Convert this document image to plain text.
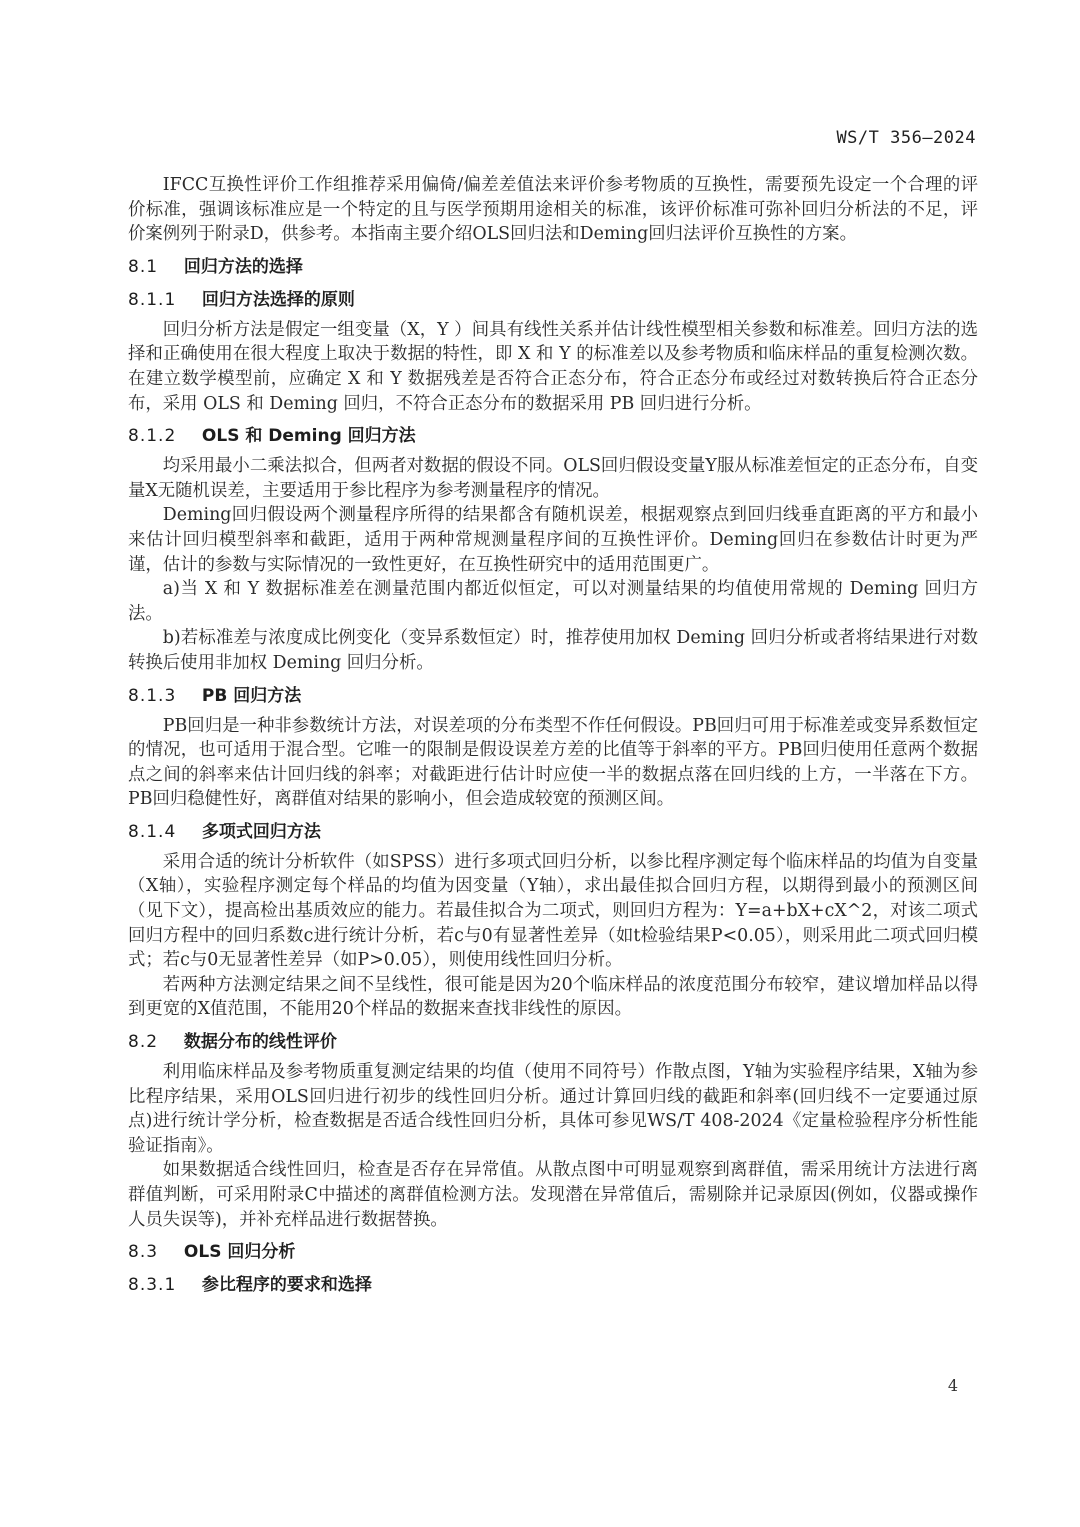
WS/T 356—2024

IFCC互换性评价工作组推荐采用偏倚/偏差差值法来评价参考物质的互换性，需要预先设定一个合理的评价标准，强调该标准应是一个特定的且与医学预期用途相关的标准，该评价标准可弥补回归分析法的不足，评价案例列于附录D，供参考。本指南主要介绍OLS回归法和Deming回归法评价互换性的方案。

8.1 回归方法的选择
8.1.1 回归方法选择的原则

回归分析方法是假定一组变量（X，Y ）间具有线性关系并估计线性模型相关参数和标准差。回归方法的选择和正确使用在很大程度上取决于数据的特性，即 X 和 Y 的标准差以及参考物质和临床样品的重复检测次数。在建立数学模型前，应确定 X 和 Y 数据残差是否符合正态分布，符合正态分布或经过对数转换后符合正态分布，采用 OLS 和 Deming 回归，不符合正态分布的数据采用 PB 回归进行分析。

8.1.2 OLS 和 Deming 回归方法

均采用最小二乘法拟合，但两者对数据的假设不同。OLS回归假设变量Y服从标准差恒定的正态分布，自变量X无随机误差，主要适用于参比程序为参考测量程序的情况。

Deming回归假设两个测量程序所得的结果都含有随机误差，根据观察点到回归线垂直距离的平方和最小来估计回归模型斜率和截距，适用于两种常规测量程序间的互换性评价。Deming回归在参数估计时更为严谨，估计的参数与实际情况的一致性更好，在互换性研究中的适用范围更广。

a)当 X 和 Y 数据标准差在测量范围内都近似恒定，可以对测量结果的均值使用常规的 Deming 回归方法。

b)若标准差与浓度成比例变化（变异系数恒定）时，推荐使用加权 Deming 回归分析或者将结果进行对数转换后使用非加权 Deming 回归分析。

8.1.3 PB 回归方法

PB回归是一种非参数统计方法，对误差项的分布类型不作任何假设。PB回归可用于标准差或变异系数恒定的情况，也可适用于混合型。它唯一的限制是假设误差方差的比值等于斜率的平方。PB回归使用任意两个数据点之间的斜率来估计回归线的斜率；对截距进行估计时应使一半的数据点落在回归线的上方，一半落在下方。PB回归稳健性好，离群值对结果的影响小，但会造成较宽的预测区间。

8.1.4 多项式回归方法

采用合适的统计分析软件（如SPSS）进行多项式回归分析，以参比程序测定每个临床样品的均值为自变量（X轴），实验程序测定每个样品的均值为因变量（Y轴），求出最佳拟合回归方程，以期得到最小的预测区间（见下文），提高检出基质效应的能力。若最佳拟合为二项式，则回归方程为：Y=a+bX+cX^2，对该二项式回归方程中的回归系数c进行统计分析，若c与0有显著性差异（如t检验结果P<0.05），则采用此二项式回归模式；若c与0无显著性差异（如P>0.05），则使用线性回归分析。

若两种方法测定结果之间不呈线性，很可能是因为20个临床样品的浓度范围分布较窄，建议增加样品以得到更宽的X值范围，不能用20个样品的数据来查找非线性的原因。

8.2 数据分布的线性评价

利用临床样品及参考物质重复测定结果的均值（使用不同符号）作散点图，Y轴为实验程序结果，X轴为参比程序结果，采用OLS回归进行初步的线性回归分析。通过计算回归线的截距和斜率(回归线不一定要通过原点)进行统计学分析，检查数据是否适合线性回归分析，具体可参见WS/T 408-2024《定量检验程序分析性能验证指南》。

如果数据适合线性回归，检查是否存在异常值。从散点图中可明显观察到离群值，需采用统计方法进行离群值判断，可采用附录C中描述的离群值检测方法。发现潜在异常值后，需剔除并记录原因(例如，仪器或操作人员失误等)，并补充样品进行数据替换。

8.3 OLS 回归分析
8.3.1 参比程序的要求和选择
4
